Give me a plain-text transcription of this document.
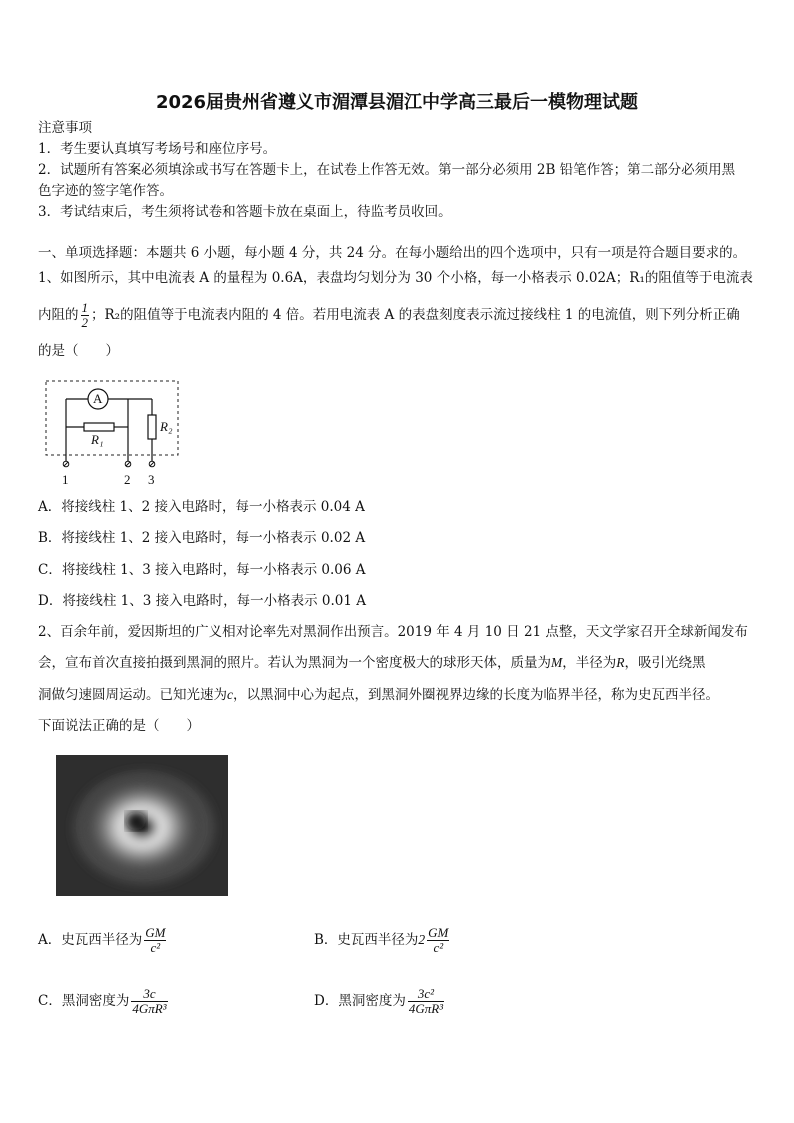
2026届贵州省遵义市湄潭县湄江中学高三最后一模物理试题
注意事项
1．考生要认真填写考场号和座位序号。
2．试题所有答案必须填涂或书写在答题卡上，在试卷上作答无效。第一部分必须用 2B 铅笔作答；第二部分必须用黑
色字迹的签字笔作答。
3．考试结束后，考生须将试卷和答题卡放在桌面上，待监考员收回。
一、单项选择题：本题共 6 小题，每小题 4 分，共 24 分。在每小题给出的四个选项中，只有一项是符合题目要求的。
1、如图所示，其中电流表 A 的量程为 0.6A，表盘均匀划分为 30 个小格，每一小格表示 0.02A；R₁的阻值等于电流表
内阻的 $\frac{1}{2}$ ；R₂的阻值等于电流表内阻的 4 倍。若用电流表 A 的表盘刻度表示流过接线柱 1 的电流值，则下列分析正确
的是（　　）
A
R₁
R₂
1	2 3
A．将接线柱 1、2 接入电路时，每一小格表示 0.04 A
B．将接线柱 1、2 接入电路时，每一小格表示 0.02 A
C．将接线柱 1、3 接入电路时，每一小格表示 0.06 A
D．将接线柱 1、3 接入电路时，每一小格表示 0.01 A
2、百余年前，爱因斯坦的广义相对论率先对黑洞作出预言。2019 年 4 月 10 日 21 点整，天文学家召开全球新闻发布
会，宣布首次直接拍摄到黑洞的照片。若认为黑洞为一个密度极大的球形天体，质量为M，半径为R，吸引光绕黑
洞做匀速圆周运动。已知光速为c，以黑洞中心为起点，到黑洞外圈视界边缘的长度为临界半径，称为史瓦西半径。
下面说法正确的是（　　）
A．史瓦西半径为 $\frac{GM}{\text{c²}}$	B．史瓦西半径为$2 \frac{GM}{\text{c²}}$
C．黑洞密度为 $\frac{3c}{\text{4GπR³}}$	D．黑洞密度为 $\frac{\text{3c²}}{\text{4GπR³}}$
